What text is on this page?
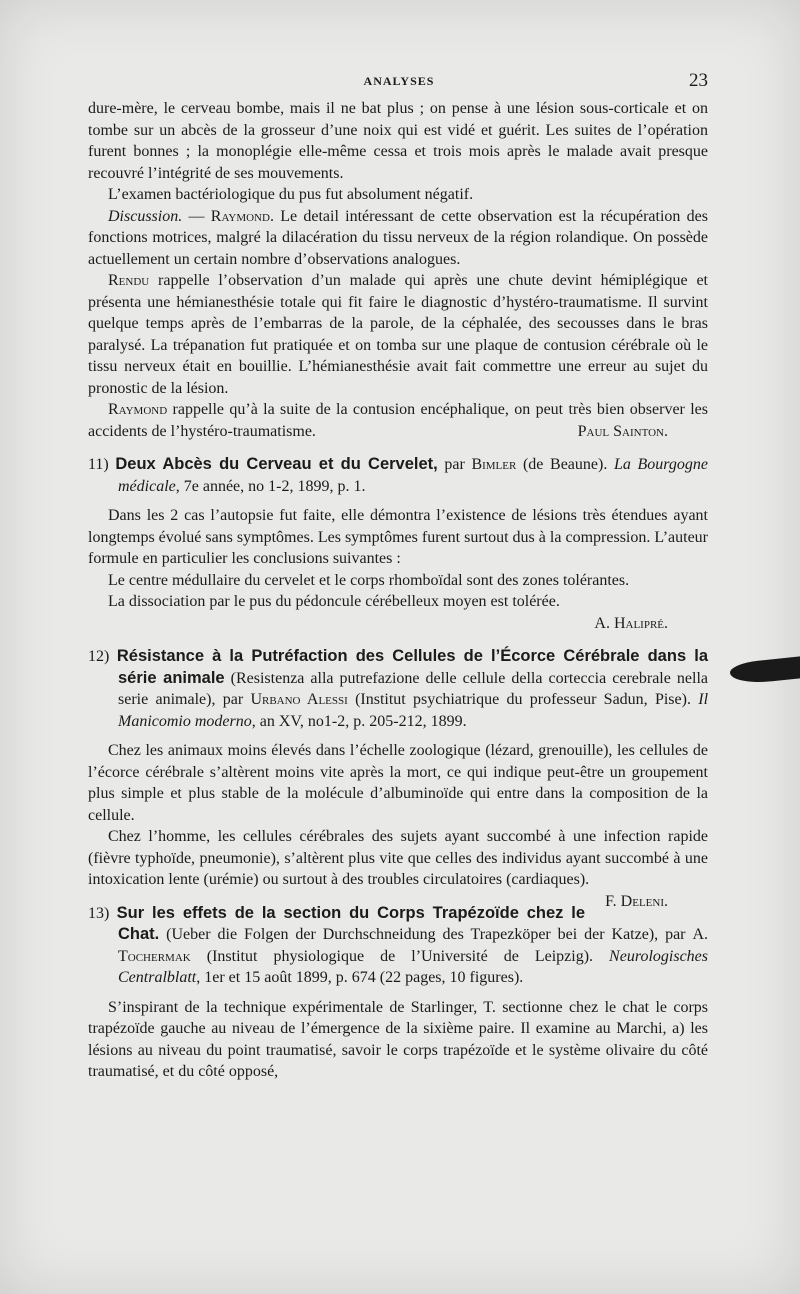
ANALYSES	23

dure-mère, le cerveau bombe, mais il ne bat plus ; on pense à une lésion sous-corticale et on tombe sur un abcès de la grosseur d’une noix qui est vidé et guérit. Les suites de l’opération furent bonnes ; la monoplégie elle-même cessa et trois mois après le malade avait presque recouvré l’intégrité de ses mouvements.

L’examen bactériologique du pus fut absolument négatif.

Discussion. — Raymond. Le detail intéressant de cette observation est la récupération des fonctions motrices, malgré la dilacération du tissu nerveux de la région rolandique. On possède actuellement un certain nombre d’observations analogues.

Rendu rappelle l’observation d’un malade qui après une chute devint hémiplégique et présenta une hémianesthésie totale qui fit faire le diagnostic d’hystéro-traumatisme. Il survint quelque temps après de l’embarras de la parole, de la céphalée, des secousses dans le bras paralysé. La trépanation fut pratiquée et on tomba sur une plaque de contusion cérébrale où le tissu nerveux était en bouillie. L’hémianesthésie avait fait commettre une erreur au sujet du pronostic de la lésion.

Raymond rappelle qu’à la suite de la contusion encéphalique, on peut très bien observer les accidents de l’hystéro-traumatisme.	Paul Sainton.

11) Deux Abcès du Cerveau et du Cervelet, par Bimler (de Beaune). La Bourgogne médicale, 7e année, no 1-2, 1899, p. 1.

Dans les 2 cas l’autopsie fut faite, elle démontra l’existence de lésions très étendues ayant longtemps évolué sans symptômes. Les symptômes furent surtout dus à la compression. L’auteur formule en particulier les conclusions suivantes :

Le centre médullaire du cervelet et le corps rhomboïdal sont des zones tolérantes.

La dissociation par le pus du pédoncule cérébelleux moyen est tolérée.

A. Halipré.

12) Résistance à la Putréfaction des Cellules de l’Écorce Cérébrale dans la série animale (Resistenza alla putrefazione delle cellule della corteccia cerebrale nella serie animale), par Urbano Alessi (Institut psychiatrique du professeur Sadun, Pise). Il Manicomio moderno, an XV, no1-2, p. 205-212, 1899.

Chez les animaux moins élevés dans l’échelle zoologique (lézard, grenouille), les cellules de l’écorce cérébrale s’altèrent moins vite après la mort, ce qui indique peut-être un groupement plus simple et plus stable de la molécule d’albuminoïde qui entre dans la composition de la cellule.

Chez l’homme, les cellules cérébrales des sujets ayant succombé à une infection rapide (fièvre typhoïde, pneumonie), s’altèrent plus vite que celles des individus ayant succombé à une intoxication lente (urémie) ou surtout à des troubles circulatoires (cardiaques).
F. Deleni.

13) Sur les effets de la section du Corps Trapézoïde chez le Chat. (Ueber die Folgen der Durchschneidung des Trapezköper bei der Katze), par A. Tochermak (Institut physiologique de l’Université de Leipzig). Neurologisches Centralblatt, 1er et 15 août 1899, p. 674 (22 pages, 10 figures).

S’inspirant de la technique expérimentale de Starlinger, T. sectionne chez le chat le corps trapézoïde gauche au niveau de l’émergence de la sixième paire. Il examine au Marchi, a) les lésions au niveau du point traumatisé, savoir le corps trapézoïde et le système olivaire du côté traumatisé, et du côté opposé,
